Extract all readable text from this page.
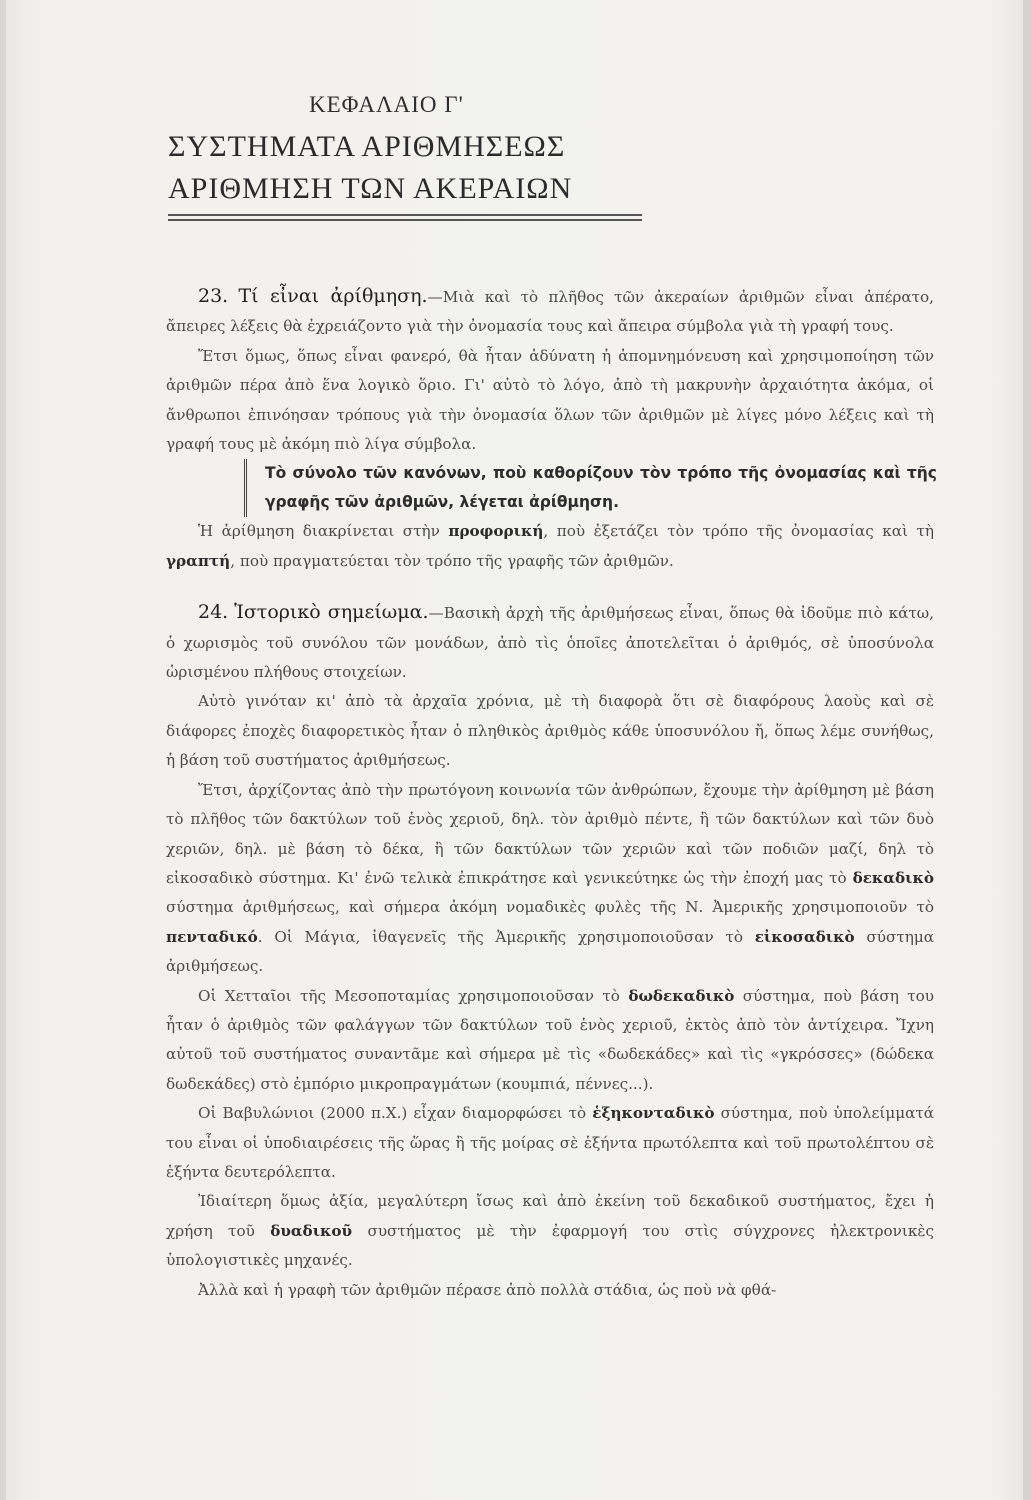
ΚΕΦΑΛΑΙΟ Γ'
ΣΥΣΤΗΜΑΤΑ ΑΡΙΘΜΗΣΕΩΣ
ΑΡΙΘΜΗΣΗ ΤΩΝ ΑΚΕΡΑΙΩΝ

23. Τί εἶναι ἀρίθμηση.—Μιὰ καὶ τὸ πλῆθος τῶν ἀκεραίων ἀριθμῶν εἶναι ἀπέρατο, ἄπειρες λέξεις θὰ ἐχρειάζοντο γιὰ τὴν ὀνομασία τους καὶ ἄπειρα σύμβολα γιὰ τὴ γραφή τους.

Ἔτσι ὅμως, ὅπως εἶναι φανερό, θὰ ἦταν ἀδύνατη ἡ ἀπομνημόνευση καὶ χρησιμοποίηση τῶν ἀριθμῶν πέρα ἀπὸ ἕνα λογικὸ ὅριο. Γι' αὐτὸ τὸ λόγο, ἀπὸ τὴ μακρυνὴν ἀρχαιότητα ἀκόμα, οἱ ἄνθρωποι ἐπινόησαν τρόπους γιὰ τὴν ὀνομασία ὅλων τῶν ἀριθμῶν μὲ λίγες μόνο λέξεις καὶ τὴ γραφή τους μὲ ἀκόμη πιὸ λίγα σύμβολα.

Τὸ σύνολο τῶν κανόνων, ποὺ καθορίζουν τὸν τρόπο τῆς ὀνομασίας καὶ τῆς γραφῆς τῶν ἀριθμῶν, λέγεται ἀρίθμηση.

Ἡ ἀρίθμηση διακρίνεται στὴν προφορική, ποὺ ἐξετάζει τὸν τρόπο τῆς ὀνομασίας καὶ τὴ γραπτή, ποὺ πραγματεύεται τὸν τρόπο τῆς γραφῆς τῶν ἀριθμῶν.

24. Ἱστορικὸ σημείωμα.—Βασικὴ ἀρχὴ τῆς ἀριθμήσεως εἶναι, ὅπως θὰ ἰδοῦμε πιὸ κάτω, ὁ χωρισμὸς τοῦ συνόλου τῶν μονάδων, ἀπὸ τὶς ὁποῖες ἀποτελεῖται ὁ ἀριθμός, σὲ ὑποσύνολα ὡρισμένου πλήθους στοιχείων.

Αὐτὸ γινόταν κι' ἀπὸ τὰ ἀρχαῖα χρόνια, μὲ τὴ διαφορὰ ὅτι σὲ διαφόρους λαοὺς καὶ σὲ διάφορες ἐποχὲς διαφορετικὸς ἦταν ὁ πληθικὸς ἀριθμὸς κάθε ὑποσυνόλου ἤ, ὅπως λέμε συνήθως, ἡ βάση τοῦ συστήματος ἀριθμήσεως.

Ἔτσι, ἀρχίζοντας ἀπὸ τὴν πρωτόγονη κοινωνία τῶν ἀνθρώπων, ἔχουμε τὴν ἀρίθμηση μὲ βάση τὸ πλῆθος τῶν δακτύλων τοῦ ἑνὸς χεριοῦ, δηλ. τὸν ἀριθμὸ πέντε, ἢ τῶν δακτύλων καὶ τῶν δυὸ χεριῶν, δηλ. μὲ βάση τὸ δέκα, ἢ τῶν δακτύλων τῶν χεριῶν καὶ τῶν ποδιῶν μαζί, δηλ τὸ εἰκοσαδικὸ σύστημα. Κι' ἐνῶ τελικὰ ἐπικράτησε καὶ γενικεύτηκε ὡς τὴν ἐποχή μας τὸ δεκαδικὸ σύστημα ἀριθμήσεως, καὶ σήμερα ἀκόμη νομαδικὲς φυλὲς τῆς Ν. Ἀμερικῆς χρησιμοποιοῦν τὸ πενταδικό. Οἱ Μάγια, ἰθαγενεῖς τῆς Ἀμερικῆς χρησιμοποιοῦσαν τὸ εἰκοσαδικὸ σύστημα ἀριθμήσεως.

Οἱ Χετταῖοι τῆς Μεσοποταμίας χρησιμοποιοῦσαν τὸ δωδεκαδικὸ σύστημα, ποὺ βάση του ἦταν ὁ ἀριθμὸς τῶν φαλάγγων τῶν δακτύλων τοῦ ἑνὸς χεριοῦ, ἐκτὸς ἀπὸ τὸν ἀντίχειρα. Ἴχνη αὐτοῦ τοῦ συστήματος συναντᾶμε καὶ σήμερα μὲ τὶς «δωδεκάδες» καὶ τὶς «γκρόσσες» (δώδεκα δωδεκάδες) στὸ ἐμπόριο μικροπραγμάτων (κουμπιά, πέννες...).

Οἱ Βαβυλώνιοι (2000 π.Χ.) εἶχαν διαμορφώσει τὸ ἑξηκονταδικὸ σύστημα, ποὺ ὑπολείμματά του εἶναι οἱ ὑποδιαιρέσεις τῆς ὥρας ἢ τῆς μοίρας σὲ ἑξήντα πρωτόλεπτα καὶ τοῦ πρωτολέπτου σὲ ἑξήντα δευτερόλεπτα.

Ἰδιαίτερη ὅμως ἀξία, μεγαλύτερη ἴσως καὶ ἀπὸ ἐκείνη τοῦ δεκαδικοῦ συστήματος, ἔχει ἡ χρήση τοῦ δυαδικοῦ συστήματος μὲ τὴν ἐφαρμογή του στὶς σύγχρονες ἠλεκτρονικὲς ὑπολογιστικὲς μηχανές.

Ἀλλὰ καὶ ἡ γραφὴ τῶν ἀριθμῶν πέρασε ἀπὸ πολλὰ στάδια, ὡς ποὺ νὰ φθά-
